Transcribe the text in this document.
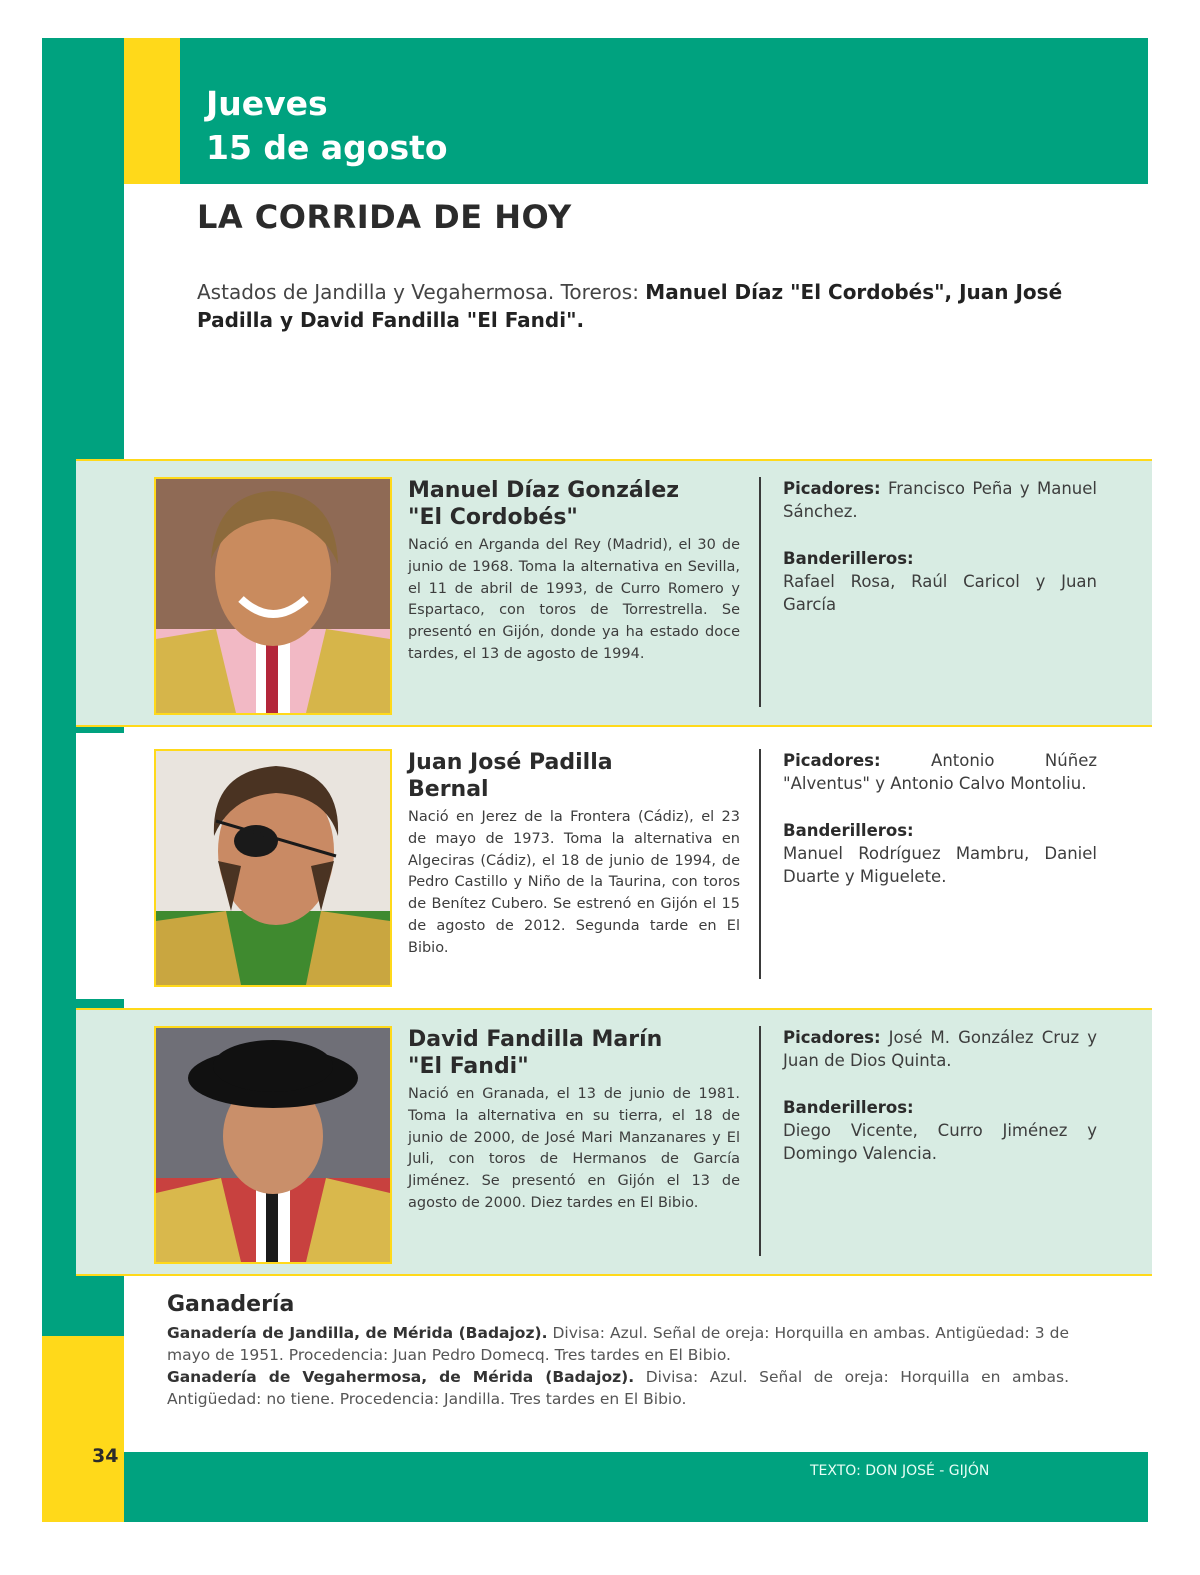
Jueves
15 de agosto
LA CORRIDA DE HOY
Astados de Jandilla y Vegahermosa. Toreros: Manuel Díaz "El Cordobés", Juan José Padilla y David Fandilla "El Fandi".
Manuel Díaz González
"El Cordobés"
Nació en Arganda del Rey (Madrid), el 30 de junio de 1968. Toma la alternativa en Sevilla, el 11 de abril de 1993, de Curro Romero y Espartaco, con toros de Torrestrella. Se presentó en Gijón, donde ya ha estado doce tardes, el 13 de agosto de 1994.
Picadores: Francisco Peña y Manuel Sánchez.
Banderilleros:
Rafael Rosa, Raúl Caricol y Juan García
Juan José Padilla
Bernal
Nació en Jerez de la Frontera (Cádiz), el 23 de mayo de 1973. Toma la alternativa en Algeciras (Cádiz), el 18 de junio de 1994, de Pedro Castillo y Niño de la Taurina, con toros de Benítez Cubero. Se estrenó en Gijón el 15 de agosto de 2012. Segunda tarde en El Bibio.
Picadores:	Antonio Núñez "Alventus" y Antonio Calvo Montoliu.
Banderilleros:
Manuel Rodríguez Mambru, Daniel Duarte y Miguelete.
David Fandilla Marín
"El Fandi"
Nació en Granada, el 13 de junio de 1981. Toma la alternativa en su tierra, el 18 de junio de 2000, de José Mari Manzanares y El Juli, con toros de Hermanos de García Jiménez. Se presentó en Gijón el 13 de agosto de 2000. Diez tardes en El Bibio.
Picadores: José M. González Cruz y Juan de Dios Quinta.
Banderilleros:
Diego Vicente, Curro Jiménez y Domingo Valencia.
Ganadería
Ganadería de Jandilla, de Mérida (Badajoz). Divisa: Azul. Señal de oreja: Horquilla en ambas. Antigüedad: 3 de mayo de 1951. Procedencia: Juan Pedro Domecq. Tres tardes en El Bibio.
Ganadería de Vegahermosa, de Mérida (Badajoz). Divisa: Azul. Señal de oreja: Horquilla en ambas. Antigüedad: no tiene. Procedencia: Jandilla. Tres tardes en El Bibio.
34
TEXTO: DON JOSÉ - GIJÓN
